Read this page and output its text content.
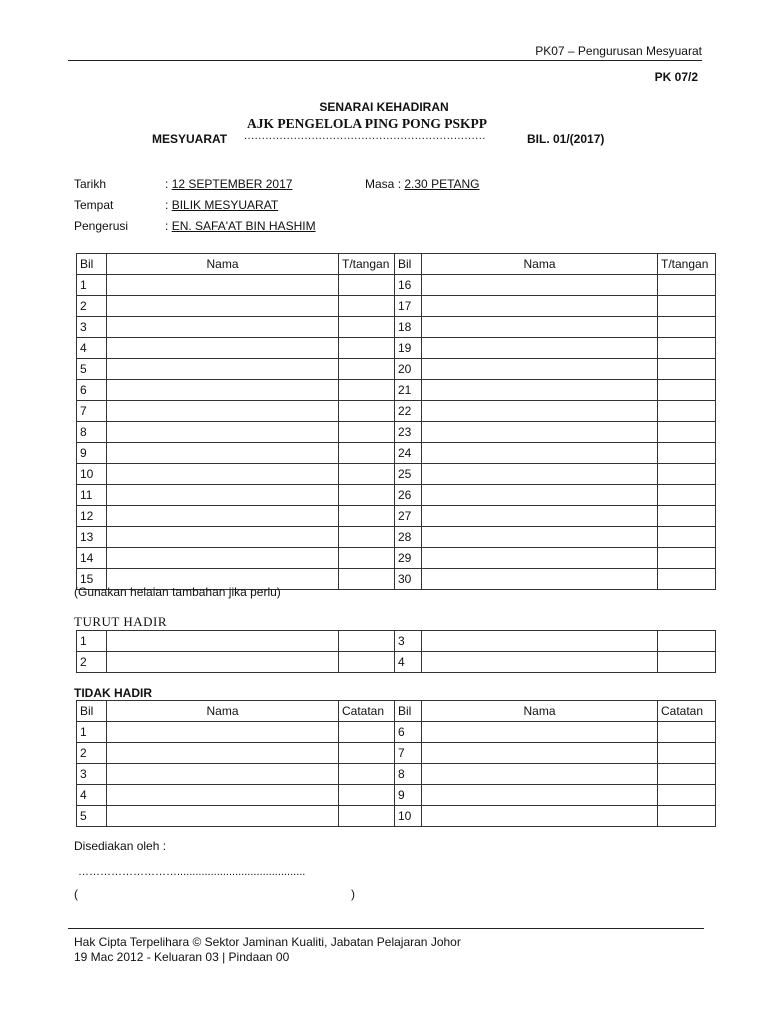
PK07 – Pengurusan Mesyuarat
PK 07/2
SENARAI KEHADIRAN
AJK PENGELOLA PING PONG PSKPP
MESYUARAT ....................................................................	BIL. 01/(2017)
Tarikh	: 12 SEPTEMBER 2017	Masa : 2.30 PETANG
Tempat	: BILIK MESYUARAT
Pengerusi	: EN. SAFA'AT BIN HASHIM
Bil	Nama	T/tangan	Bil	Nama	T/tangan
1			16		
2			17		
3			18		
4			19		
5			20		
6			21		
7			22		
8			23		
9			24		
10			25		
11			26		
12			27		
13			28		
14			29		
15			30		
(Gunakan helaian tambahan jika perlu)
TURUT HADIR
1			3		
2			4		
TIDAK HADIR
Bil	Nama	Catatan	Bil	Nama	Catatan
1			6		
2			7		
3			8		
4			9		
5			10		
Disediakan oleh :
………………………..........................................
(	)
Hak Cipta Terpelihara © Sektor Jaminan Kualiti, Jabatan Pelajaran Johor
19 Mac 2012 - Keluaran 03 | Pindaan 00
